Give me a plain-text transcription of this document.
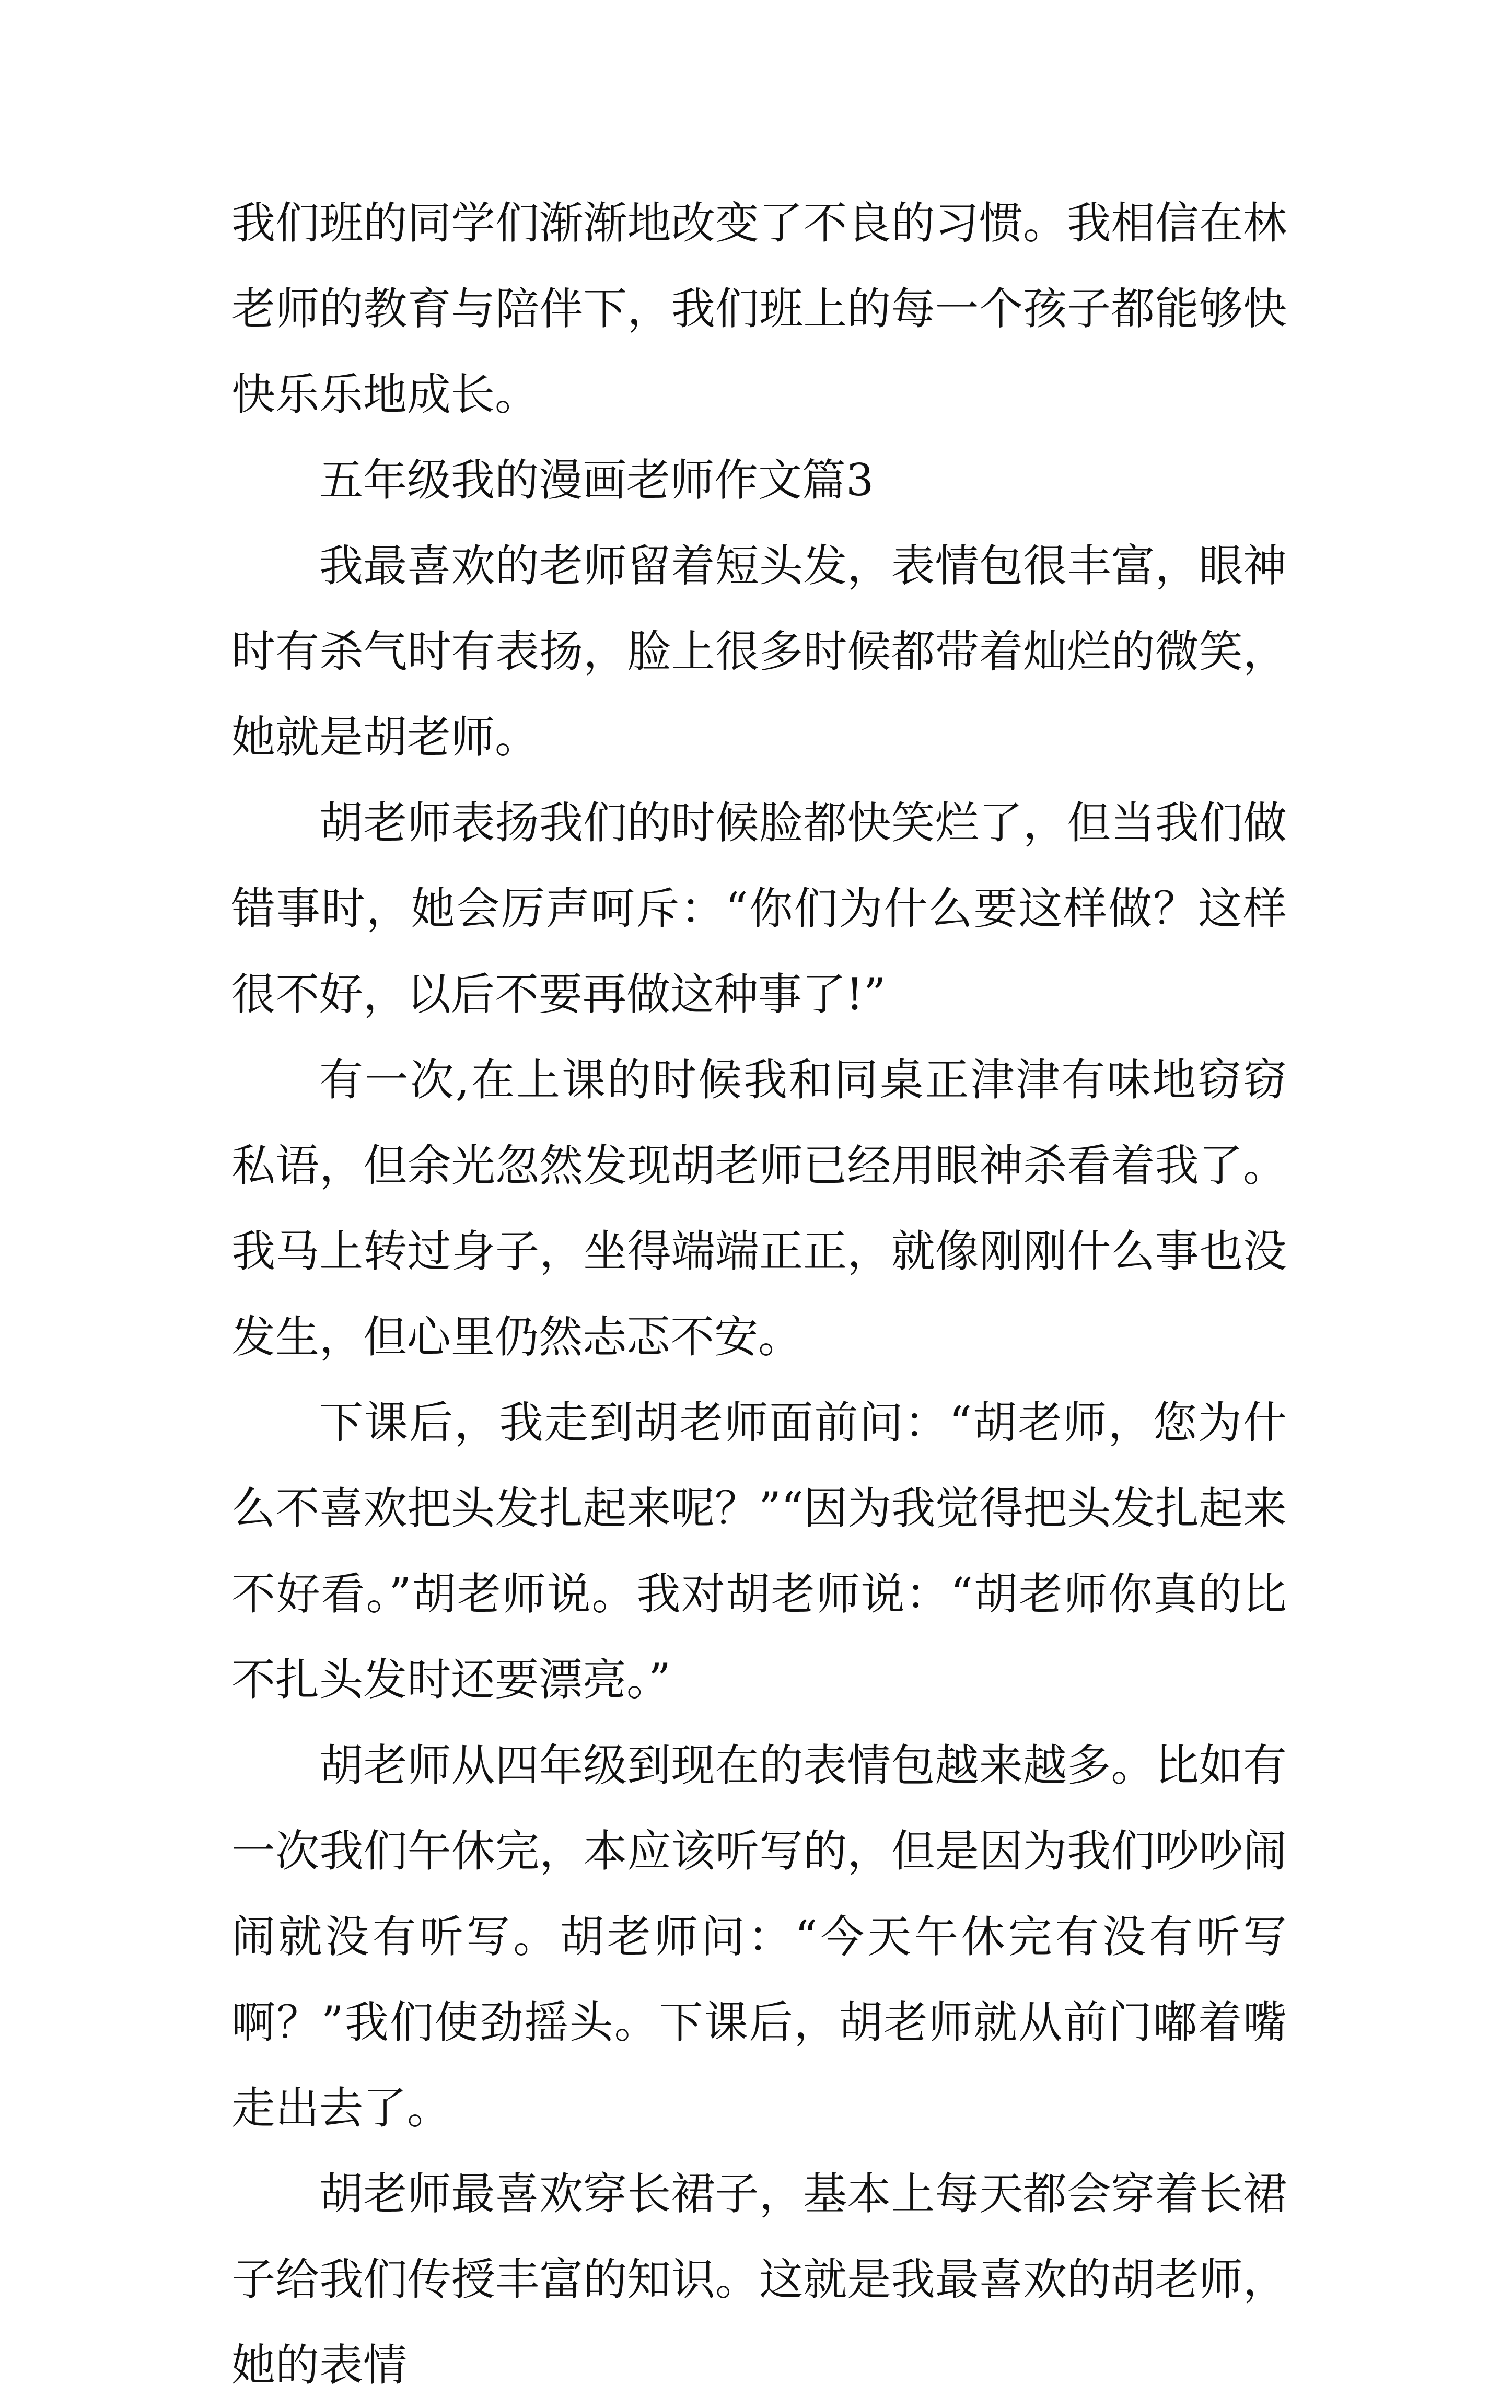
我们班的同学们渐渐地改变了不良的习惯。我相信在林老师的教育与陪伴下，我们班上的每一个孩子都能够快快乐乐地成长。

五年级我的漫画老师作文篇3

我最喜欢的老师留着短头发，表情包很丰富，眼神时有杀气时有表扬，脸上很多时候都带着灿烂的微笑，她就是胡老师。

胡老师表扬我们的时候脸都快笑烂了，但当我们做错事时，她会厉声呵斥：“你们为什么要这样做？这样很不好，以后不要再做这种事了!”

有一次,在上课的时候我和同桌正津津有味地窃窃私语，但余光忽然发现胡老师已经用眼神杀看着我了。我马上转过身子，坐得端端正正，就像刚刚什么事也没发生，但心里仍然忐忑不安。

下课后，我走到胡老师面前问：“胡老师，您为什么不喜欢把头发扎起来呢？”“因为我觉得把头发扎起来不好看。”胡老师说。我对胡老师说：“胡老师你真的比不扎头发时还要漂亮。”

胡老师从四年级到现在的表情包越来越多。比如有一次我们午休完，本应该听写的，但是因为我们吵吵闹闹就没有听写。胡老师问：“今天午休完有没有听写啊？”我们使劲摇头。下课后，胡老师就从前门嘟着嘴走出去了。

胡老师最喜欢穿长裙子，基本上每天都会穿着长裙子给我们传授丰富的知识。这就是我最喜欢的胡老师，她的表情
